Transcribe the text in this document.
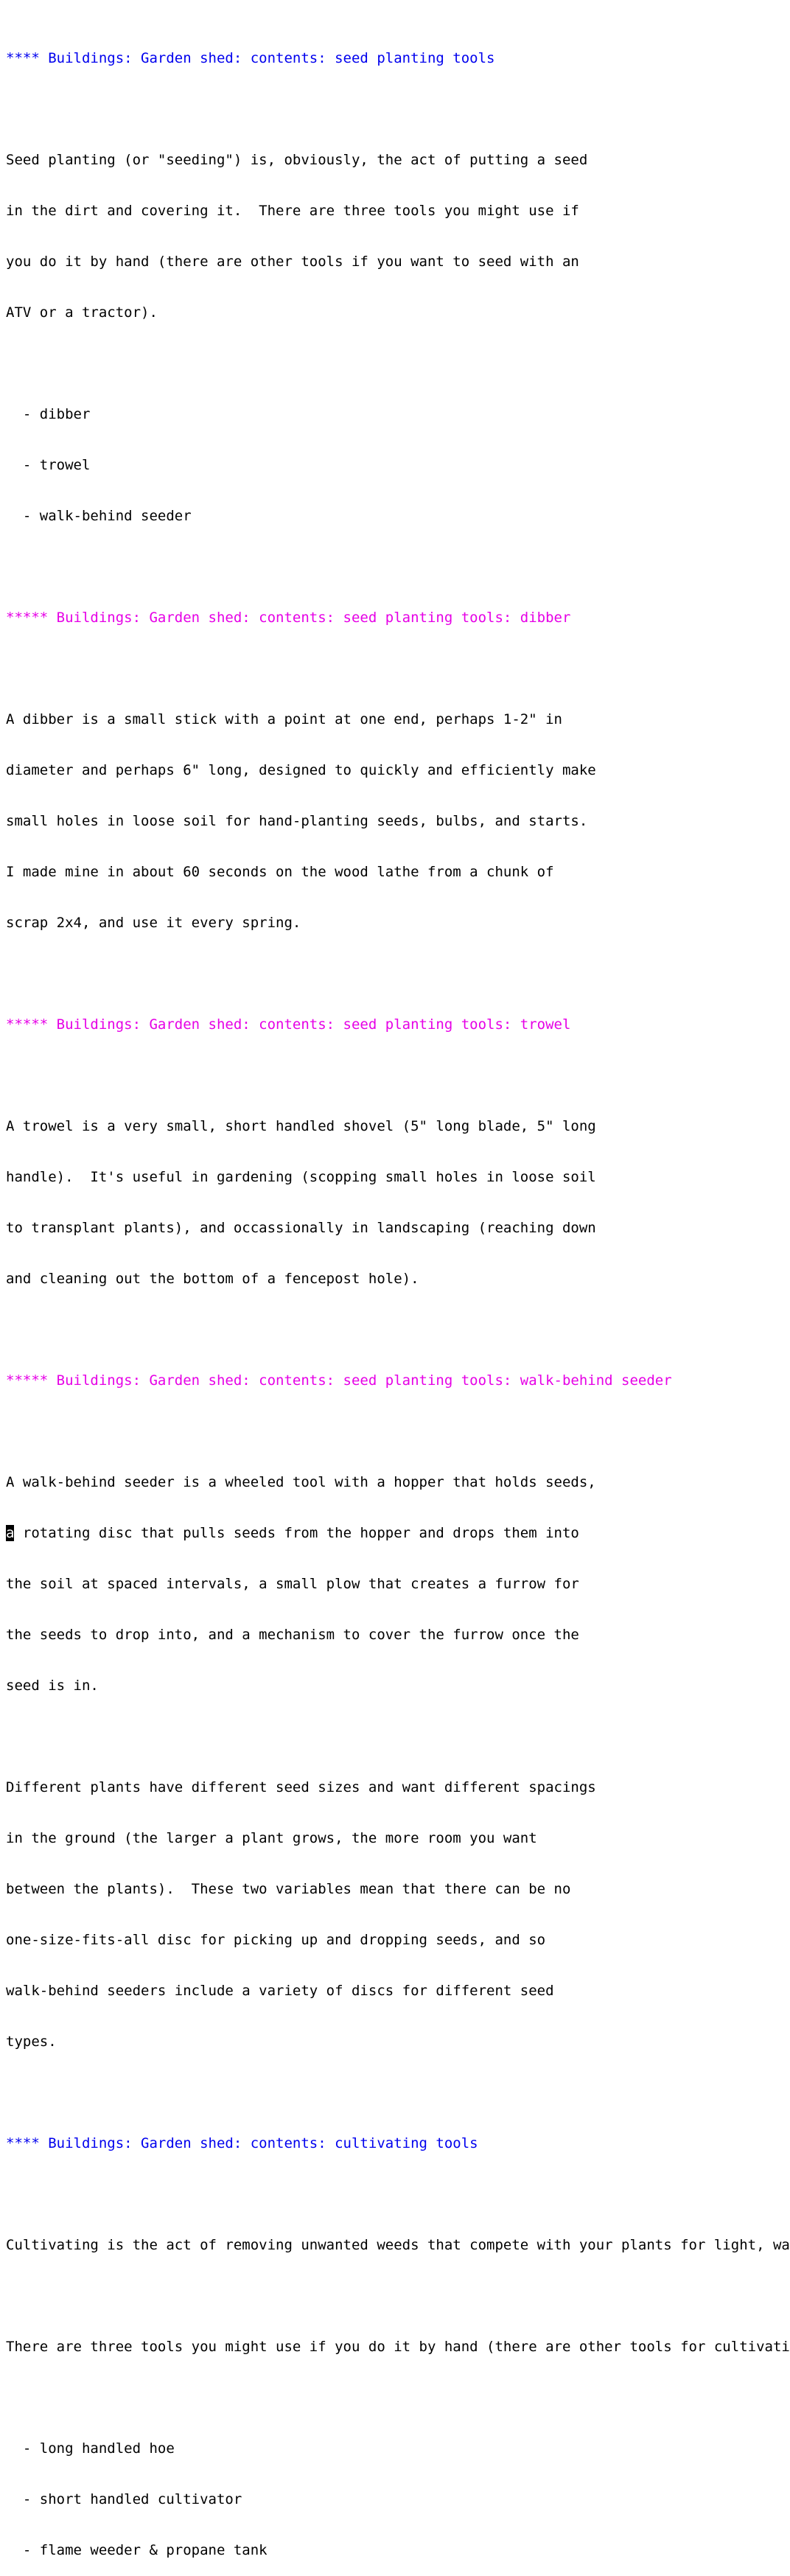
**** Buildings: Garden shed: contents: seed planting tools

Seed planting (or "seeding") is, obviously, the act of putting a seed

in the dirt and covering it.  There are three tools you might use if

you do it by hand (there are other tools if you want to seed with an

ATV or a tractor).

- dibber

- trowel

- walk-behind seeder

***** Buildings: Garden shed: contents: seed planting tools: dibber

A dibber is a small stick with a point at one end, perhaps 1-2" in

diameter and perhaps 6" long, designed to quickly and efficiently make

small holes in loose soil for hand-planting seeds, bulbs, and starts.

I made mine in about 60 seconds on the wood lathe from a chunk of

scrap 2x4, and use it every spring.

***** Buildings: Garden shed: contents: seed planting tools: trowel

A trowel is a very small, short handled shovel (5" long blade, 5" long

handle).  It's useful in gardening (scopping small holes in loose soil

to transplant plants), and occassionally in landscaping (reaching down

and cleaning out the bottom of a fencepost hole).

***** Buildings: Garden shed: contents: seed planting tools: walk-behind seeder

A walk-behind seeder is a wheeled tool with a hopper that holds seeds,

a rotating disc that pulls seeds from the hopper and drops them into

the soil at spaced intervals, a small plow that creates a furrow for

the seeds to drop into, and a mechanism to cover the furrow once the

seed is in.

Different plants have different seed sizes and want different spacings

in the ground (the larger a plant grows, the more room you want

between the plants).  These two variables mean that there can be no

one-size-fits-all disc for picking up and dropping seeds, and so

walk-behind seeders include a variety of discs for different seed

types.

**** Buildings: Garden shed: contents: cultivating tools

Cultivating is the act of removing unwanted weeds that compete with your plants for light, wa

There are three tools you might use if you do it by hand (there are other tools for cultivati

- long handled hoe

- short handled cultivator

- flame weeder & propane tank
